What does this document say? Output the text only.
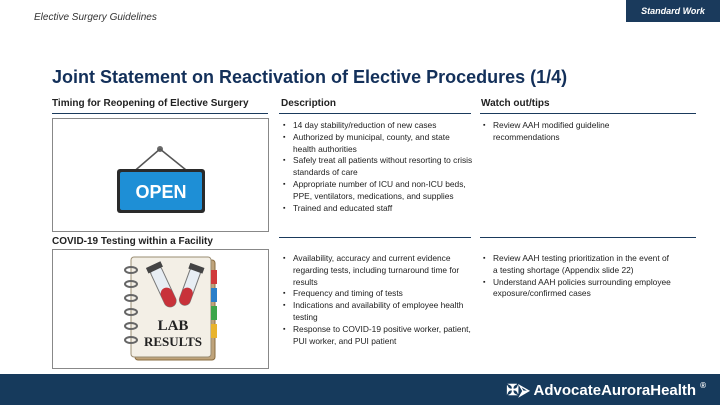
Standard Work
Elective Surgery Guidelines
Joint Statement on Reactivation of Elective Procedures (1/4)
Timing for Reopening of Elective Surgery	Description	Watch out/tips
OPEN
▪ 14 day stability/reduction of new cases
▪ Authorized by municipal, county, and state health authorities
▪ Safely treat all patients without resorting to crisis standards of care
▪ Appropriate number of ICU and non-ICU beds, PPE, ventilators, medications, and supplies
▪ Trained and educated staff
▪ Review AAH modified guideline recommendations
COVID-19 Testing within a Facility
LAB
RESULTS
▪ Availability, accuracy and current evidence regarding tests, including turnaround time for results
▪ Frequency and timing of tests
▪ Indications and availability of employee health testing
▪ Response to COVID-19 positive worker, patient, PUI worker, and PUI patient
▪ Review AAH testing prioritization in the event of a testing shortage (Appendix slide 22)
▪ Understand AAH policies surrounding employee exposure/confirmed cases
✠⮚ AdvocateAuroraHealth ®
